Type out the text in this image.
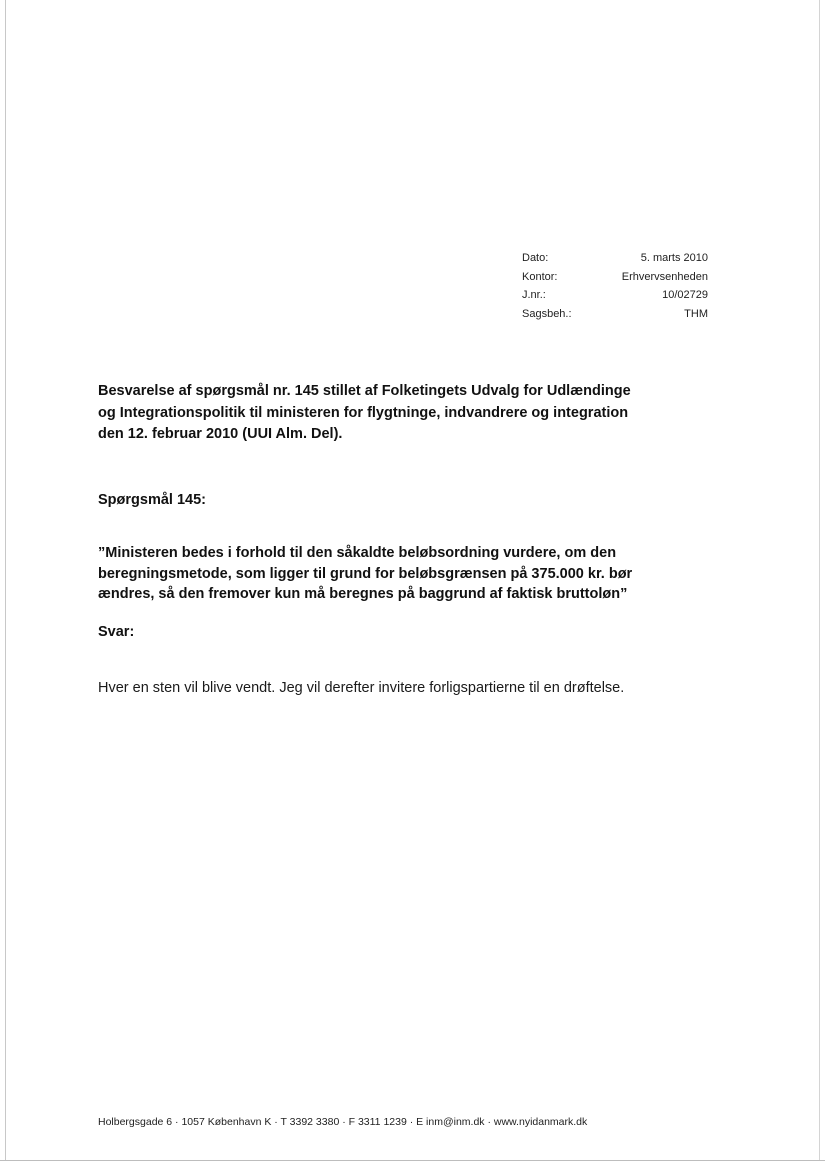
Dato:	5. marts 2010
Kontor:	Erhvervsenheden
J.nr.:	10/02729
Sagsbeh.:	THM
Besvarelse af spørgsmål nr. 145 stillet af Folketingets Udvalg for Udlændinge og Integrationspolitik til ministeren for flygtninge, indvandrere og integration den 12. februar 2010 (UUI Alm. Del).
Spørgsmål 145:
”Ministeren bedes i forhold til den såkaldte beløbsordning vurdere, om den beregningsmetode, som ligger til grund for beløbsgrænsen på 375.000 kr. bør ændres, så den fremover kun må beregnes på baggrund af faktisk bruttoløn”
Svar:
Hver en sten vil blive vendt. Jeg vil derefter invitere forligspartierne til en drøftelse.
Holbergsgade 6 · 1057 København K · T 3392 3380 · F 3311 1239 · E inm@inm.dk · www.nyidanmark.dk
